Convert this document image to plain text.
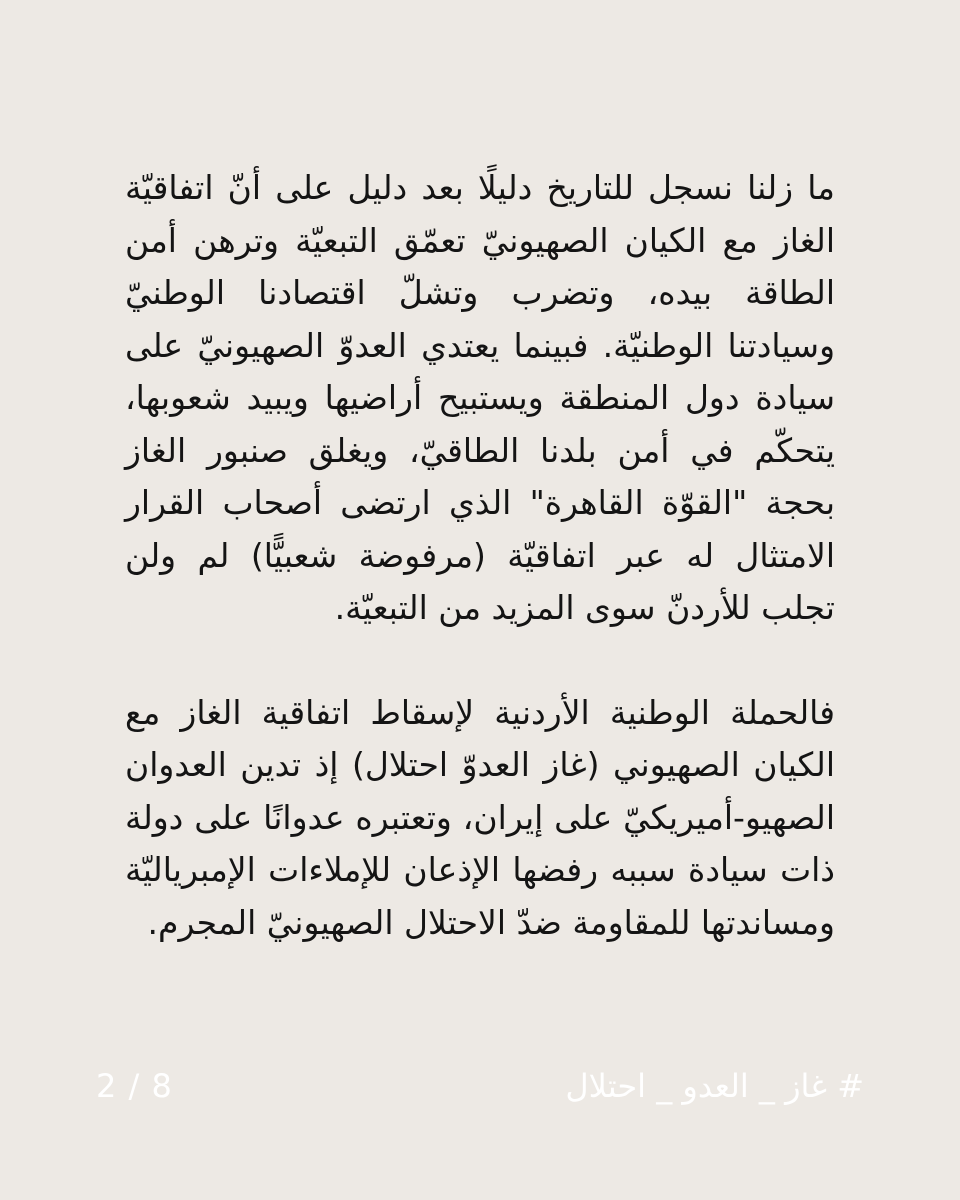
ما زلنا نسجل للتاريخ دليلًا بعد دليل على أنّ اتفاقيّة الغاز مع الكيان الصهيونيّ تعمّق التبعيّة وترهن أمن الطاقة بيده، وتضرب وتشلّ اقتصادنا الوطنيّ وسيادتنا الوطنيّة. فبينما يعتدي العدوّ الصهيونيّ على سيادة دول المنطقة ويستبيح أراضيها ويبيد شعوبها، يتحكّم في أمن بلدنا الطاقيّ، ويغلق صنبور الغاز بحجة "القوّة القاهرة" الذي ارتضى أصحاب القرار الامتثال له عبر اتفاقيّة (مرفوضة شعبيًّا) لم ولن تجلب للأردنّ سوى المزيد من التبعيّة.

فالحملة الوطنية الأردنية لإسقاط اتفاقية الغاز مع الكيان الصهيوني (غاز العدوّ احتلال) إذ تدين العدوان الصهيو-أميريكيّ على إيران، وتعتبره عدوانًا على دولة ذات سيادة سببه رفضها الإذعان للإملاءات الإمبرياليّة ومساندتها للمقاومة ضدّ الاحتلال الصهيونيّ المجرم.

# غاز _ العدو _ احتلال
2 / 8
